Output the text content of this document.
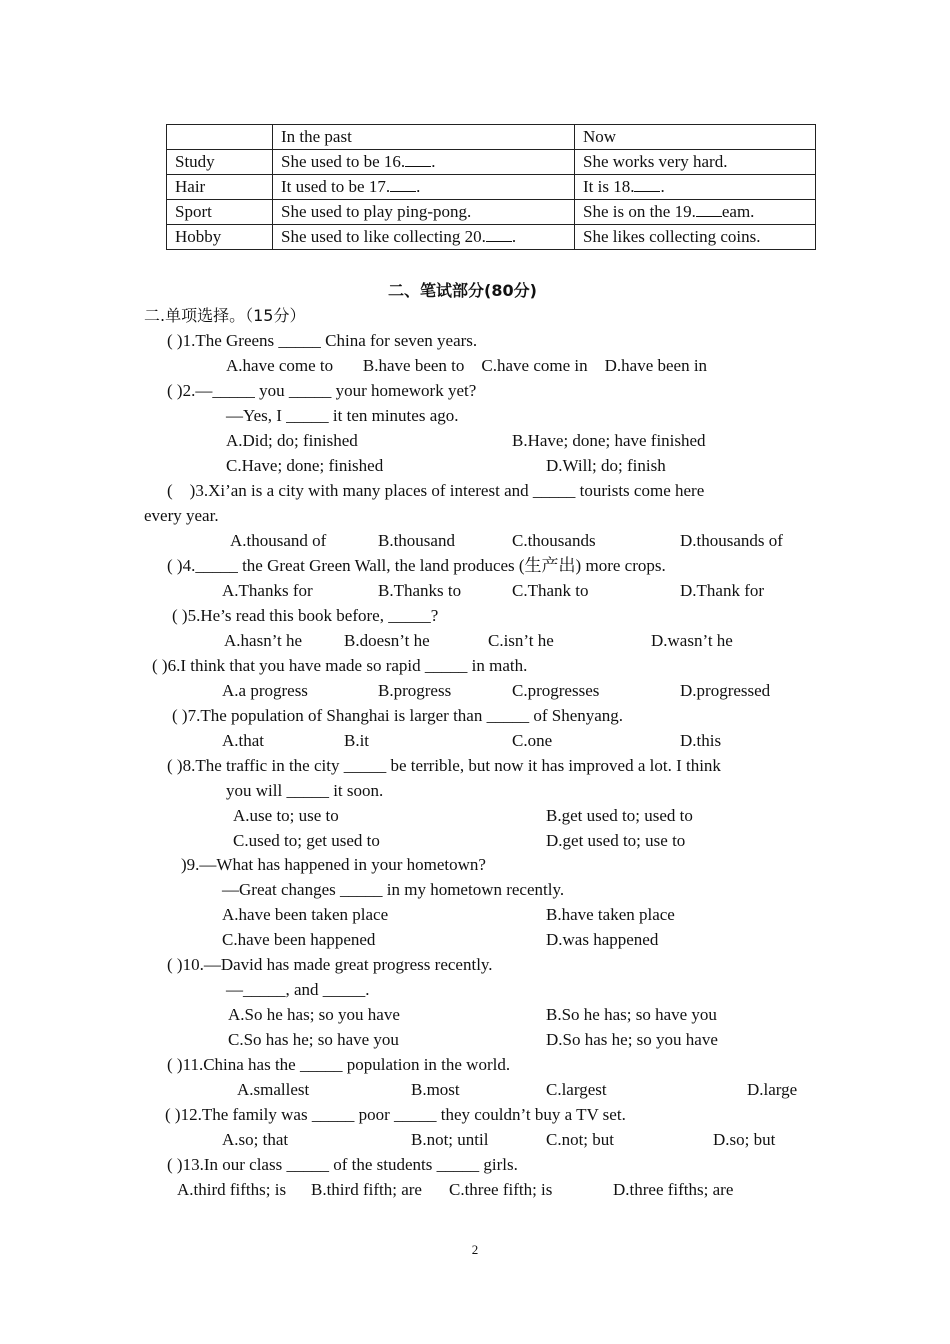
	In the past	Now
Study	She used to be 16. .	She works very hard.
Hair	It used to be 17. .	It is 18. .
Sport	She used to play ping-pong.	She is on the 19. eam.
Hobby	She used to like collecting 20. .	She likes collecting coins.
二、笔试部分(80分)
二.单项选择。（15分）
( )1.The Greens _____ China for seven years.
A.have come to       B.have been to    C.have come in    D.have been in
( )2.—_____ you _____ your homework yet?
—Yes, I _____ it ten minutes ago.
A.Did; do; finished	B.Have; done; have finished
C.Have; done; finished	D.Will; do; finish
(    )3.Xi’an is a city with many places of interest and _____ tourists come here
every year.
A.thousand of	B.thousand	C.thousands	D.thousands of
( )4._____ the Great Green Wall, the land produces (生产出) more crops.
A.Thanks for	B.Thanks to	C.Thank to	D.Thank for
( )5.He’s read this book before, _____?
A.hasn’t he B.doesn’t he	C.isn’t he	D.wasn’t he
( )6.I think that you have made so rapid _____ in math.
A.a progress	B.progress	C.progresses	D.progressed
( )7.The population of Shanghai is larger than _____ of Shenyang.
A.that	B.it	C.one	D.this
( )8.The traffic in the city _____ be terrible, but now it has improved a lot. I think
you will _____ it soon.
A.use to; use to	B.get used to; used to
C.used to; get used to	D.get used to; use to
)9.—What has happened in your hometown?
—Great changes _____ in my hometown recently.
A.have been taken place	B.have taken place
C.have been happened	D.was happened
( )10.—David has made great progress recently.
—_____, and _____.
A.So he has; so you have	B.So he has; so have you
C.So has he; so have you	D.So has he; so you have
( )11.China has the _____ population in the world.
A.smallest	B.most	C.largest	D.large
( )12.The family was _____ poor _____ they couldn’t buy a TV set.
A.so; that	B.not; until	C.not; but	D.so; but
( )13.In our class _____ of the students _____ girls.
A.third fifths; is B.third fifth; are C.three fifth; is	D.three fifths; are
2
